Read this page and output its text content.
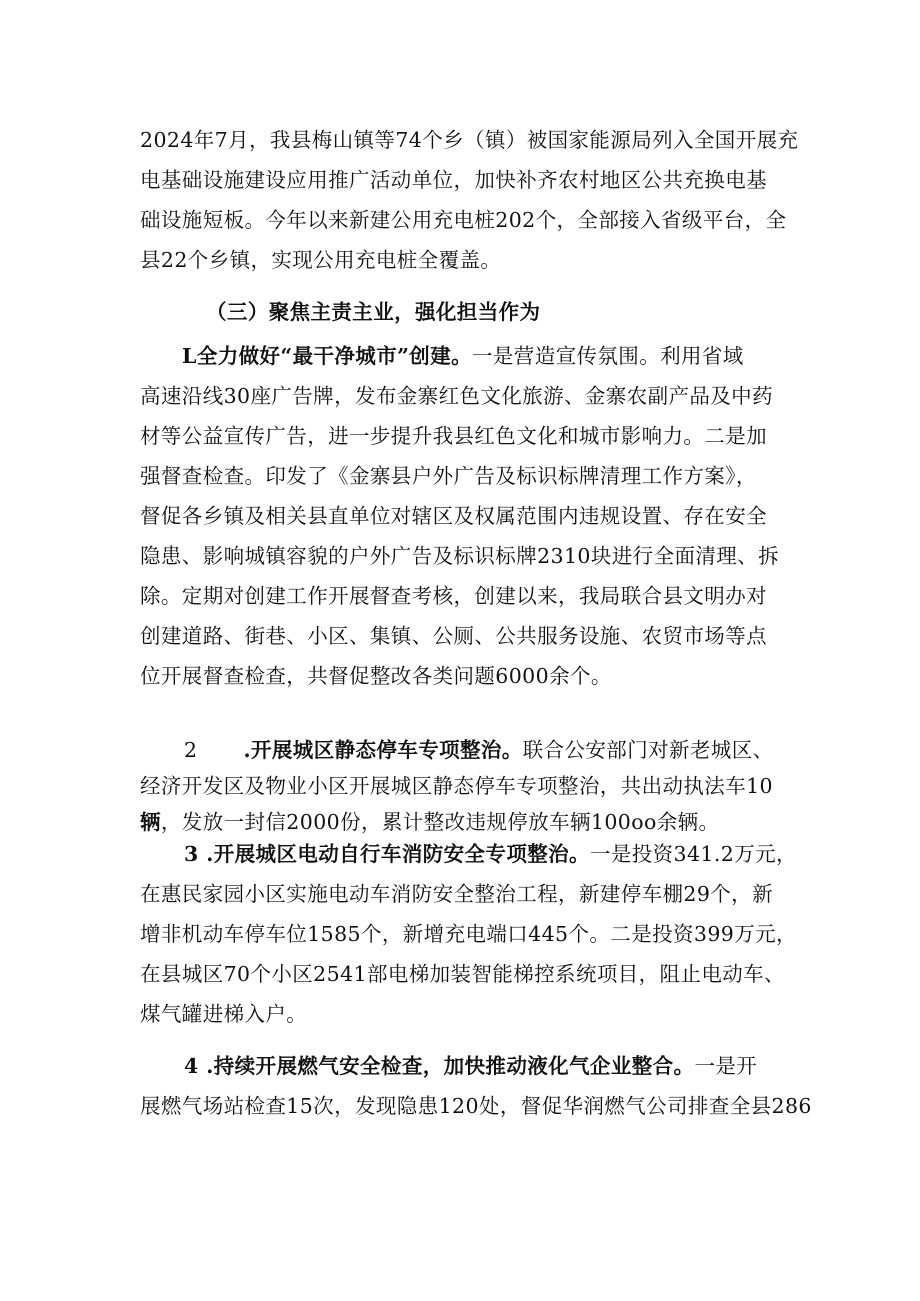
2024年7月，我县梅山镇等74个乡（镇）被国家能源局列入全国开展充
电基础设施建设应用推广活动单位，加快补齐农村地区公共充换电基
础设施短板。今年以来新建公用充电桩202个，全部接入省级平台，全
县22个乡镇，实现公用充电桩全覆盖。
（三）聚焦主责主业，强化担当作为
L全力做好“最干净城市”创建。一是营造宣传氛围。利用省域
高速沿线30座广告牌，发布金寨红色文化旅游、金寨农副产品及中药
材等公益宣传广告，进一步提升我县红色文化和城市影响力。二是加
强督查检查。印发了《金寨县户外广告及标识标牌清理工作方案》，
督促各乡镇及相关县直单位对辖区及权属范围内违规设置、存在安全
隐患、影响城镇容貌的户外广告及标识标牌2310块进行全面清理、拆
除。定期对创建工作开展督查考核，创建以来，我局联合县文明办对
创建道路、街巷、小区、集镇、公厕、公共服务设施、农贸市场等点
位开展督查检查，共督促整改各类问题6000余个。
2 .开展城区静态停车专项整治。联合公安部门对新老城区、
经济开发区及物业小区开展城区静态停车专项整治，共出动执法车10
辆，发放一封信2000份，累计整改违规停放车辆100oo余辆。
3 .开展城区电动自行车消防安全专项整治。一是投资341.2万元，
在惠民家园小区实施电动车消防安全整治工程，新建停车棚29个，新
增非机动车停车位1585个，新增充电端口445个。二是投资399万元，
在县城区70个小区2541部电梯加装智能梯控系统项目，阻止电动车、
煤气罐进梯入户。
4 .持续开展燃气安全检查，加快推动液化气企业整合。一是开
展燃气场站检查15次，发现隐患120处，督促华润燃气公司排查全县286
